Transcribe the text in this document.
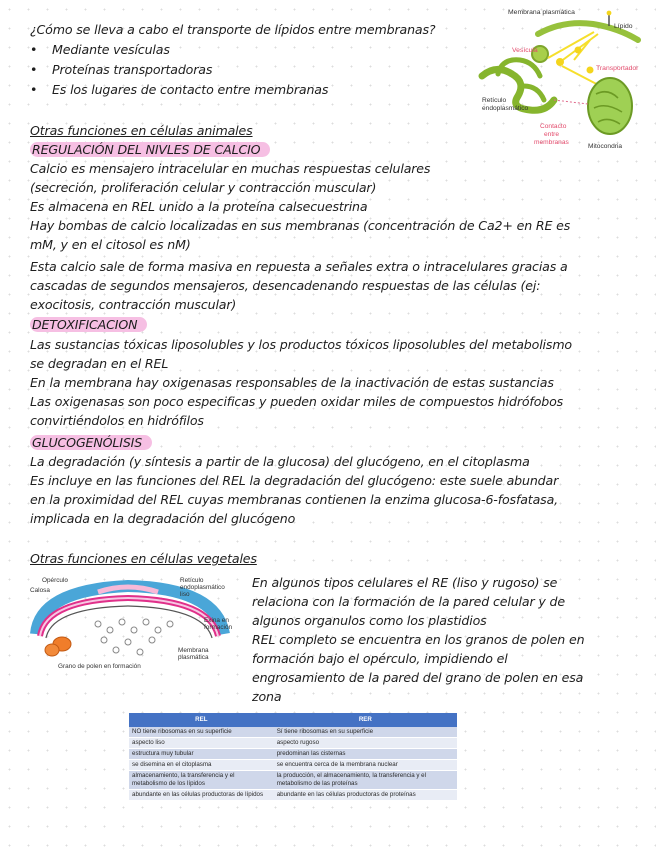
¿Cómo se lleva a cabo el transporte de lípidos entre membranas?
• Mediante vesículas
• Proteínas transportadoras
• Es los lugares de contacto entre membranas
Membrana plasmática
Lípido
Vesícula
Transportador
Retículo
endoplasmático
Contacto
entre
membranas
Mitocondria
Otras funciones en células animales
REGULACIÓN DEL NIVLES DE CALCIO
Calcio es mensajero intracelular en muchas respuestas celulares
(secreción, proliferación celular y contracción muscular)
Es almacena en REL unido a la proteína calsecuestrina
Hay bombas de calcio localizadas en sus membranas (concentración de Ca2+ en RE es
mM, y en el citosol es nM)
Esta calcio sale de forma masiva en repuesta a señales extra o intracelulares gracias a
cascadas de segundos mensajeros, desencadenando respuestas de las células (ej:
exocitosis, contracción muscular)
DETOXIFICACION
Las sustancias tóxicas liposolubles y los productos tóxicos liposolubles del metabolismo
se degradan en el REL
En la membrana hay oxigenasas responsables de la inactivación de estas sustancias
Las oxigenasas son poco especificas y pueden oxidar miles de compuestos hidrófobos
convirtiéndolos en hidrófilos
GLUCOGENÓLISIS
La degradación (y síntesis a partir de la glucosa) del glucógeno, en el citoplasma
Es incluye en las funciones del REL la degradación del glucógeno: este suele abundar
en la proximidad del REL cuyas membranas contienen la enzima glucosa-6-fosfatasa,
implicada en la degradación del glucógeno
Otras funciones en células vegetales
Opérculo
Calosa
Retículo
endoplasmático
liso
Exina en
formación
Membrana
plasmática
Grano de polen en formación
En algunos tipos celulares el RE (liso y rugoso) se
relaciona con la formación de la pared celular y de
algunos organulos como los plastidios
REL completo se encuentra en los granos de polen en
formación bajo el opérculo, impidiendo el
engrosamiento de la pared del grano de polen en esa
zona
REL	RER
NO tiene ribosomas en su superficie	Sí tiene ribosomas en su superficie
aspecto liso	aspecto rugoso
estructura muy tubular	predominan las cisternas
se disemina en el citoplasma	se encuentra cerca de la membrana nuclear
almacenamiento, la transferencia y el metabolismo de los lípidos	la producción, el almacenamiento, la transferencia y el metabolismo de las proteínas
abundante en las células productoras de lípidos	abundante en las células productoras de proteínas
